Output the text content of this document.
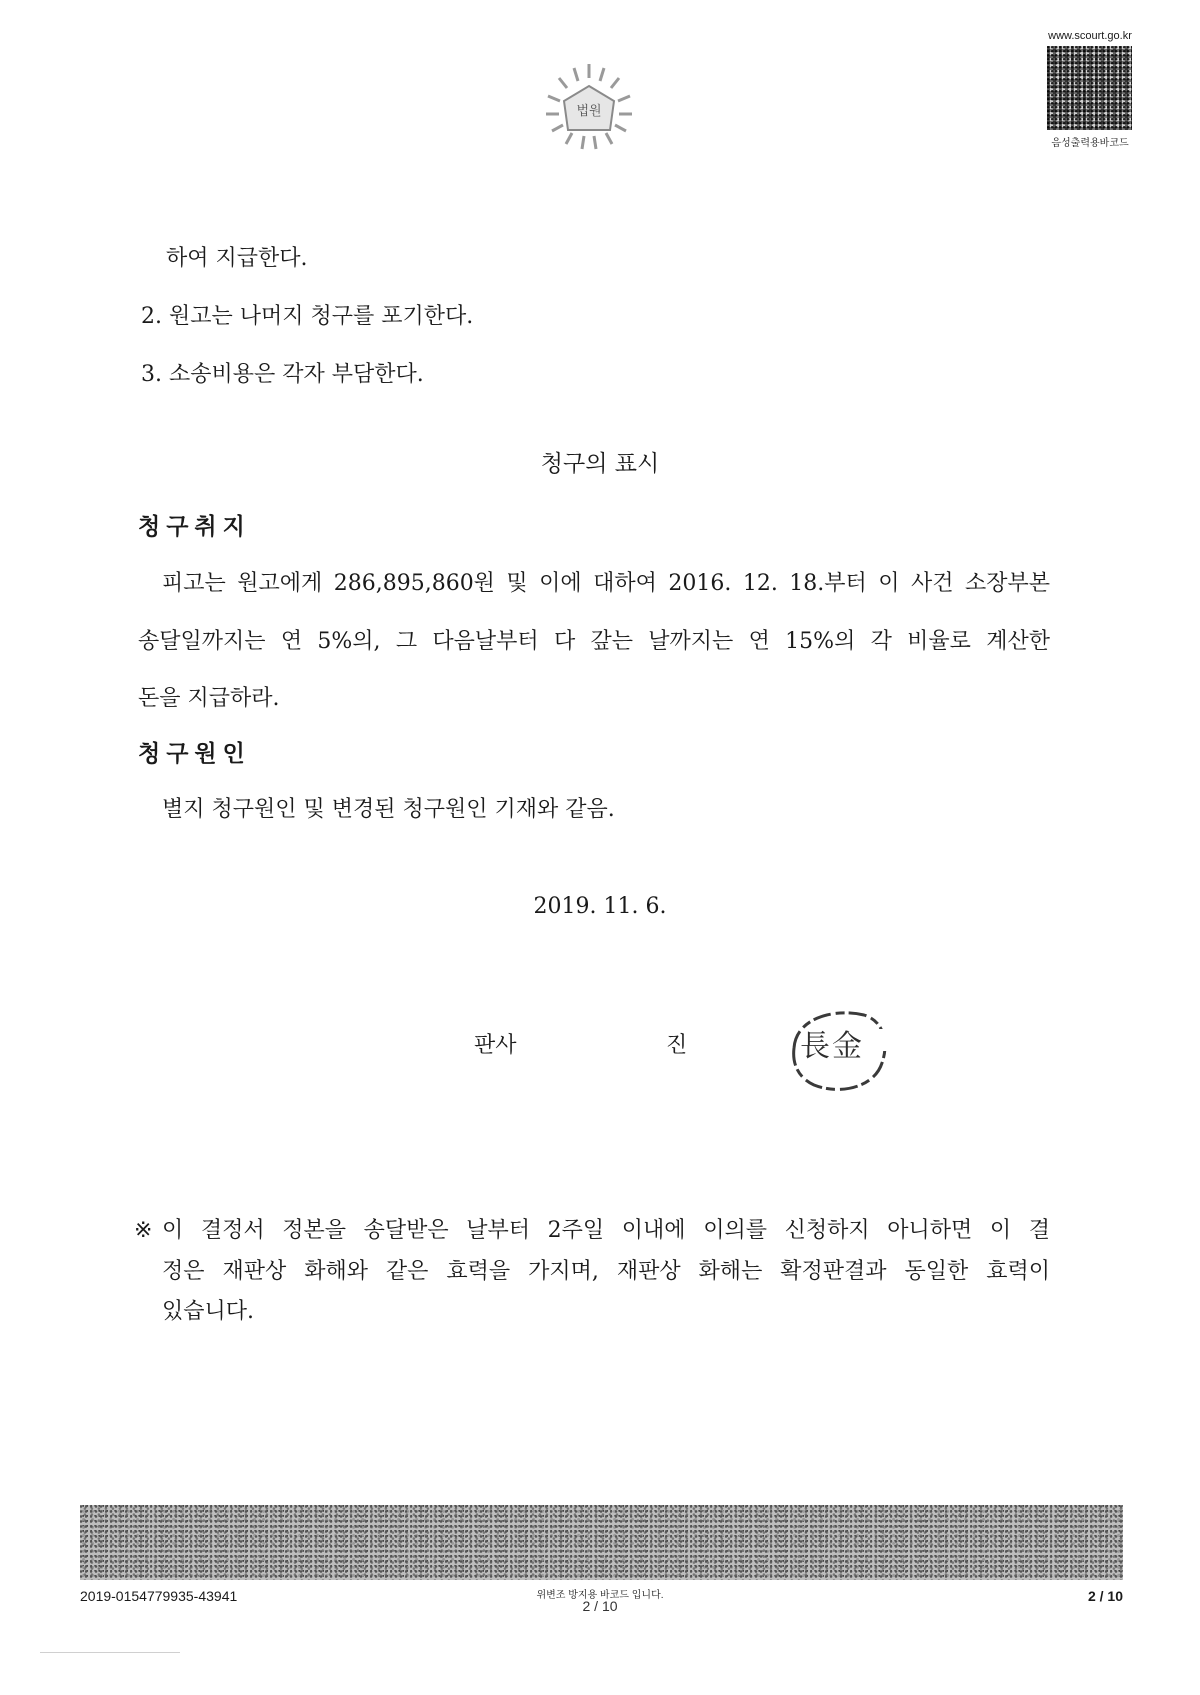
법원
www.scourt.go.kr
음성출력용바코드
하여 지급한다.
2. 원고는 나머지 청구를 포기한다.
3. 소송비용은 각자 부담한다.
청구의 표시
청구취지
피고는 원고에게 286,895,860원 및 이에 대하여 2016. 12. 18.부터 이 사건 소장부본
송달일까지는 연 5%의, 그 다음날부터 다 갚는 날까지는 연 15%의 각 비율로 계산한
돈을 지급하라.
청구원인
별지 청구원인 및 변경된 청구원인 기재와 같음.
2019. 11. 6.
판사	진	長金
※ 이 결정서 정본을 송달받은 날부터 2주일 이내에 이의를 신청하지 아니하면 이 결
정은 재판상 화해와 같은 효력을 가지며, 재판상 화해는 확정판결과 동일한 효력이
있습니다.
2019-0154779935-43941	위변조 방지용 바코드 입니다.
2 / 10
2 / 10
